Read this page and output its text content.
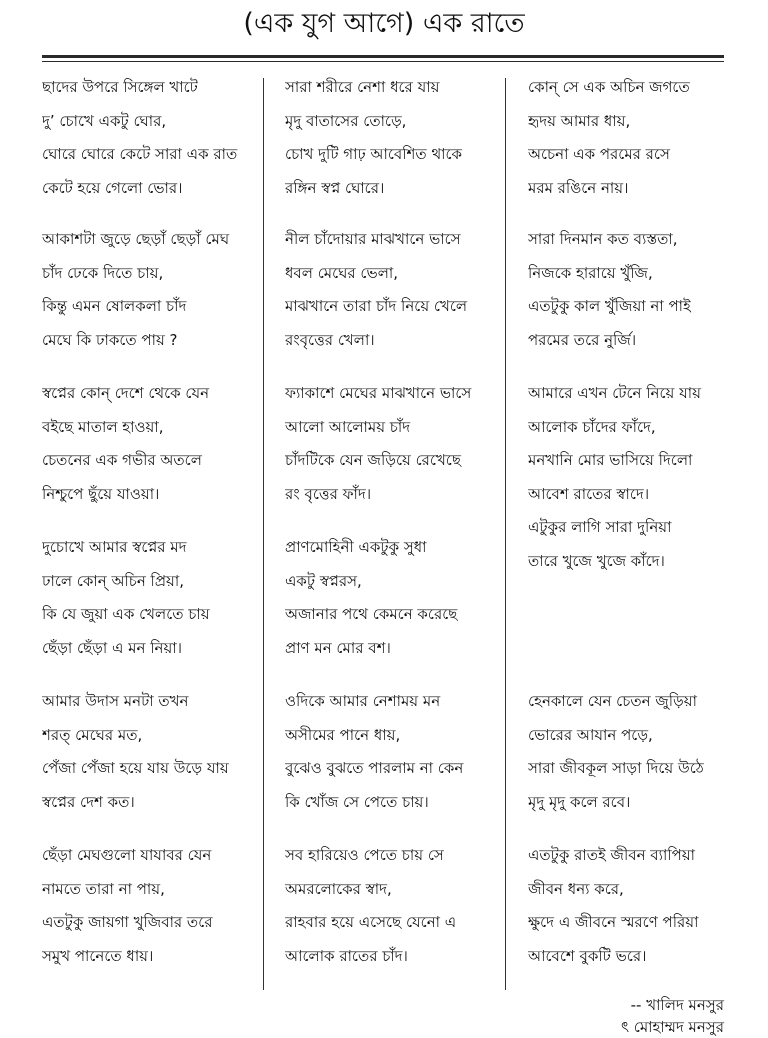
(এক যুগ আগে) এক রাতে
ছাদের উপরে সিঙ্গেল খাটে
দু’ চোখে একটু ঘোর,
ঘোরে ঘোরে কেটে সারা এক রাত
কেটে হয়ে গেলো ভোর।
আকাশটা জুড়ে ছেড়াঁ ছেড়াঁ মেঘ
চাঁদ ঢেকে দিতে চায়,
কিন্তু এমন ষোলকলা চাঁদ
মেঘে কি ঢাকতে পায় ?
স্বপ্নের কোন্ দেশে থেকে যেন
বইছে মাতাল হাওয়া,
চেতনের এক গভীর অতলে
নিশ্চুপে ছুঁয়ে যাওয়া।
দুচোখে আমার স্বপ্নের মদ
ঢালে কোন্ অচিন প্রিয়া,
কি যে জুয়া এক খেলতে চায়
ছেঁড়া ছেঁড়া এ মন নিয়া।
আমার উদাস মনটা তখন
শরত্ মেঘের মত,
পেঁজা পেঁজা হয়ে যায় উড়ে যায়
স্বপ্নের দেশ কত।
ছেঁড়া মেঘগুলো যাযাবর যেন
নামতে তারা না পায়,
এতটুকু জায়গা খুজিবার তরে
সমুখ পানেতে ধায়।
সারা শরীরে নেশা ধরে যায়
মৃদু বাতাসের তোড়ে,
চোখ দুটি গাঢ় আবেশিত থাকে
রঙ্গিন স্বপ্ন ঘোরে।
নীল চাঁদোয়ার মাঝখানে ভাসে
ধবল মেঘের ভেলা,
মাঝখানে তারা চাঁদ নিয়ে খেলে
রংবৃত্তের খেলা।
ফ্যাকাশে মেঘের মাঝখানে ভাসে
আলো আলোময় চাঁদ
চাঁদটিকে যেন জড়িয়ে রেখেছে
রং বৃত্তের ফাঁদ।
প্রাণমোহিনী একটুকু সুধা
একটু স্বপ্নরস,
অজানার পথে কেমনে করেছে
প্রাণ মন মোর বশ।
ওদিকে আমার নেশাময় মন
অসীমের পানে ধায়,
বুঝেও বুঝতে পারলাম না কেন
কি খোঁজ সে পেতে চায়।
সব হারিয়েও পেতে চায় সে
অমরলোকের স্বাদ,
রাহবার হয়ে এসেছে যেনো এ
আলোক রাতের চাঁদ।
কোন্ সে এক অচিন জগতে
হৃদয় আমার ধায়,
অচেনা এক পরমের রসে
মরম রঙিনে নায়।
সারা দিনমান কত ব্যস্ততা,
নিজকে হারায়ে খুঁজি,
এতটুকু কাল খুঁজিয়া না পাই
পরমের তরে নুর্জি।
আমারে এখন টেনে নিয়ে যায়
আলোক চাঁদের ফাঁদে,
মনখানি মোর ভাসিয়ে দিলো
আবেশ রাতের স্বাদে।
এটুকুর লাগি সারা দুনিয়া
তারে খুজে খুজে কাঁদে।
হেনকালে যেন চেতন জুড়িয়া
ভোরের আযান পড়ে,
সারা জীবকূল সাড়া দিয়ে উঠে
মৃদু মৃদু কলে রবে।
এতটুকু রাতই জীবন ব্যাপিয়া
জীবন ধন্য করে,
ক্ষুদে এ জীবনে স্মরণে পরিয়া
আবেশে বুকটি ভরে।
-- খালিদ মনসুর
ৎ মোহাম্মদ মনসুর
